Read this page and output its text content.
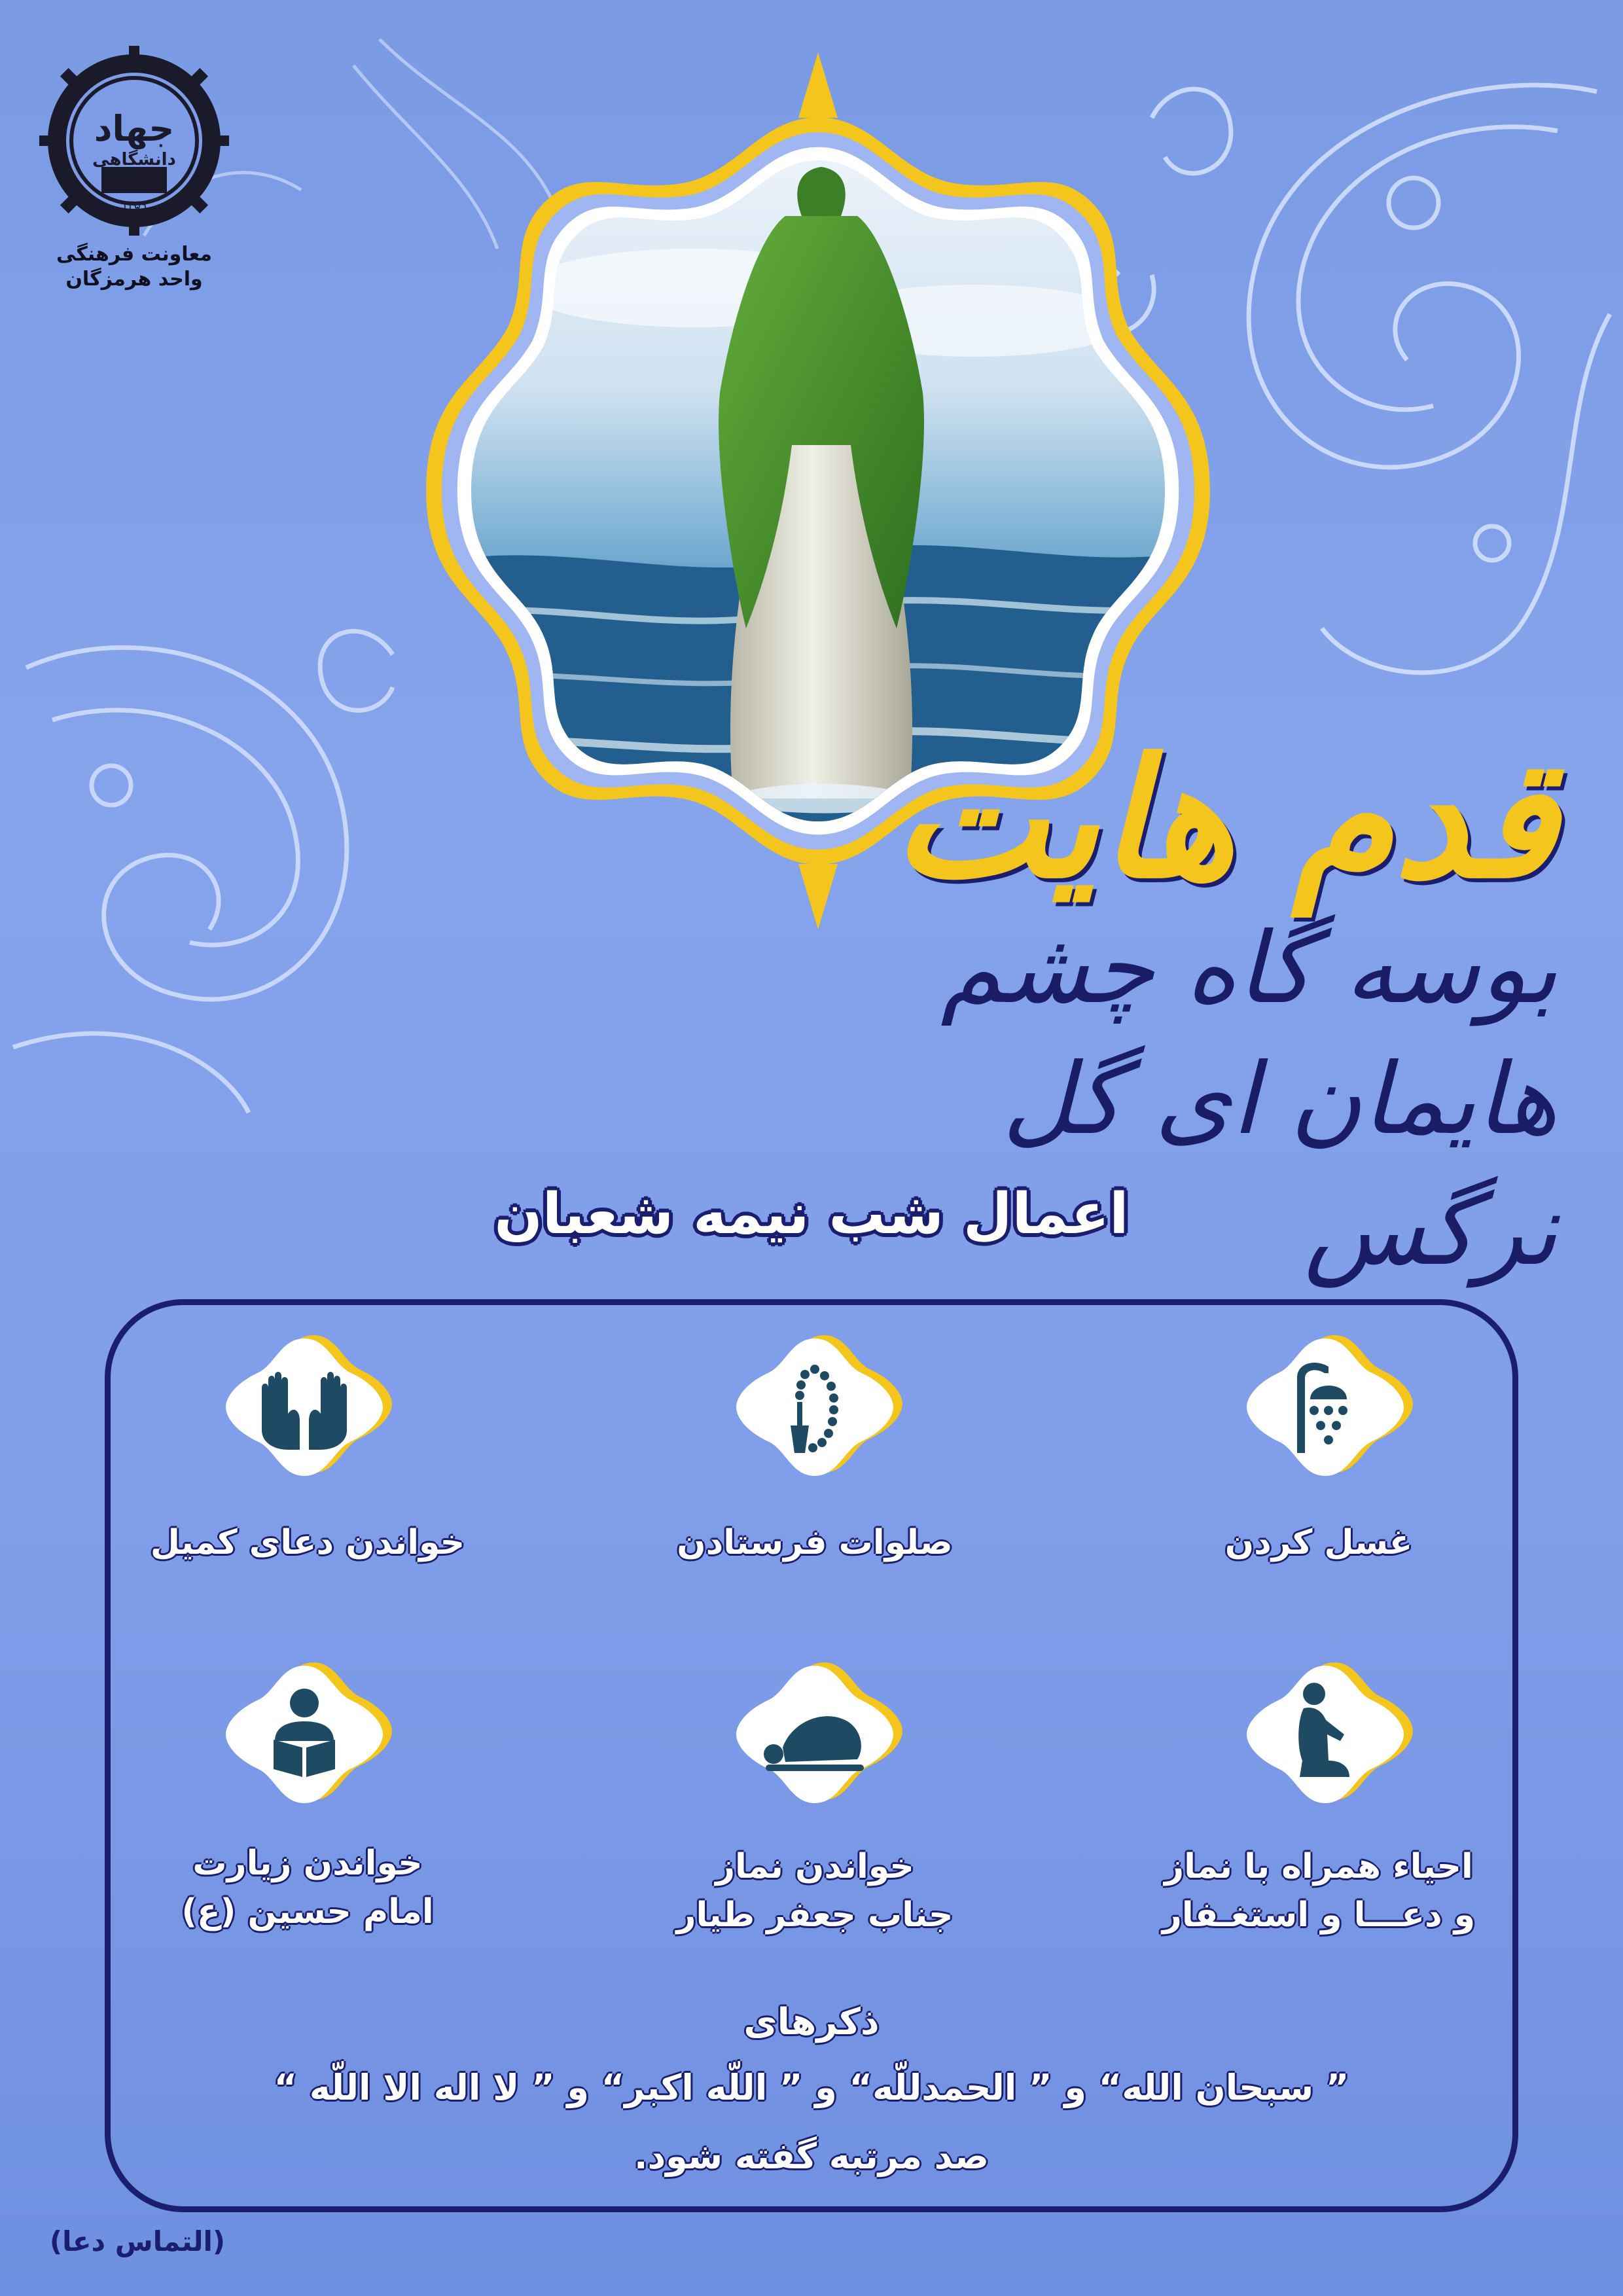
جهاد
دانشگاهی
۱۳۵۹
معاونت فرهنگی
واحد هرمزگان
قدم هایت
بوسه گاه چشم هایمان ای گل نرگس
اعمال شب نیمه شعبان
غسل کردن
صلوات فرستادن
خواندن دعای کمیل
احیاء همراه با نماز
و دعـــا و استغـفار
خواندن نماز
جناب جعفر طیار
خواندن زیارت
امام حسین (ع)
ذکرهای
” سبحان الله“ و ” الحمدللّه“ و ” اللّه اکبر“ و ” لا اله الا اللّه “
صد مرتبه گفته شود.
(التماس دعا)
